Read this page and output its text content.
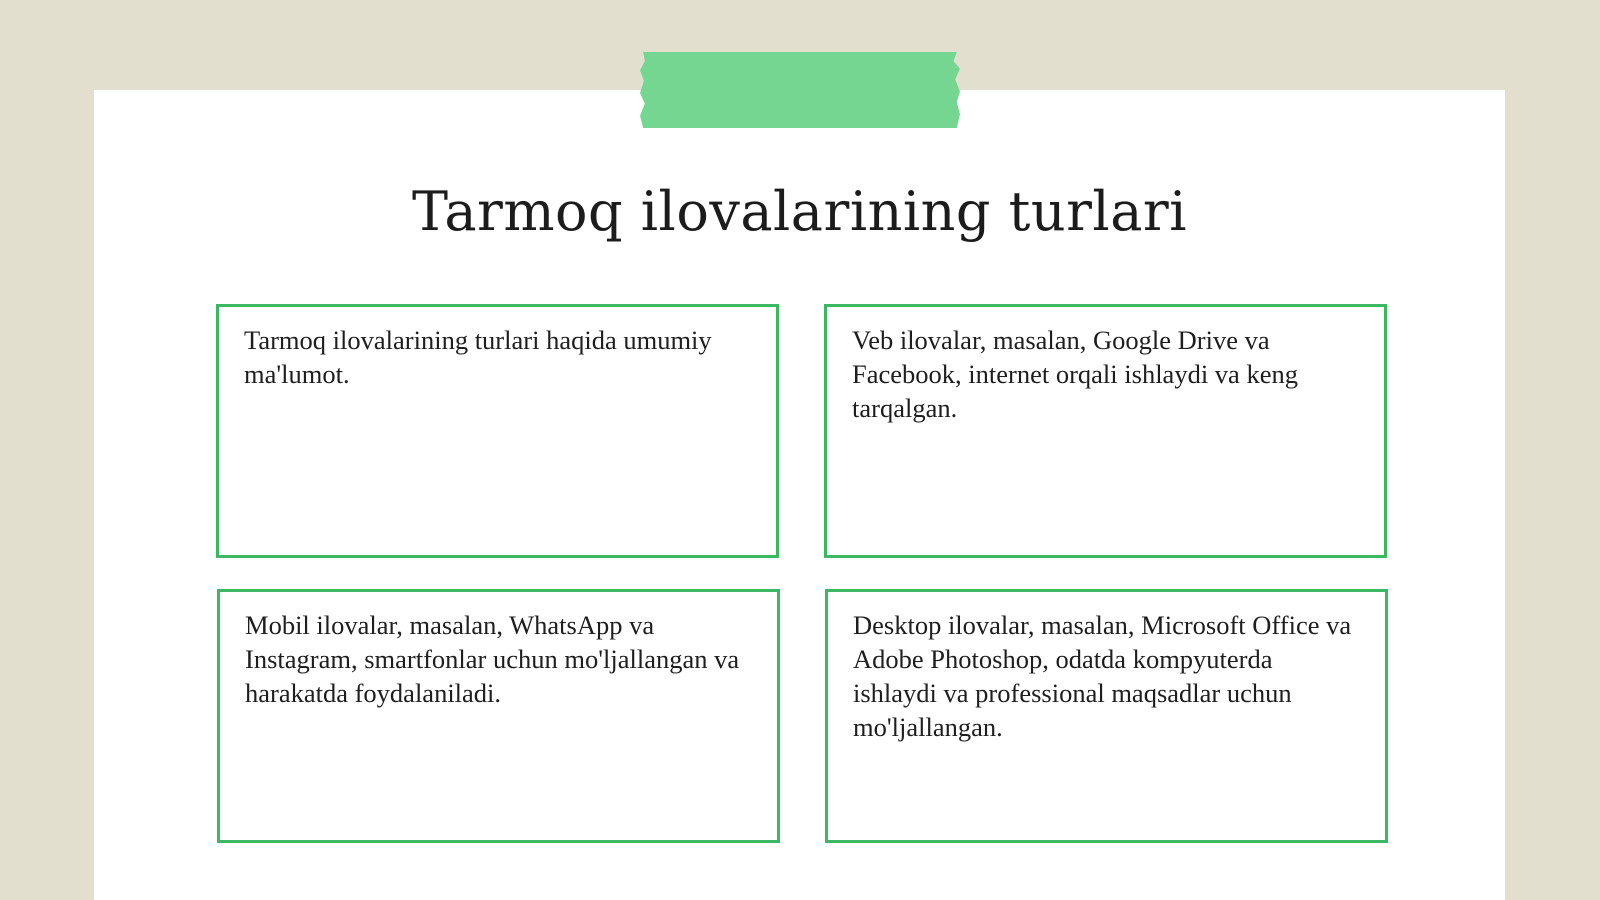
Tarmoq ilovalarining turlari

Tarmoq ilovalarining turlari haqida umumiy ma'lumot.

Veb ilovalar, masalan, Google Drive va Facebook, internet orqali ishlaydi va keng tarqalgan.

Mobil ilovalar, masalan, WhatsApp va Instagram, smartfonlar uchun mo'ljallangan va harakatda foydalaniladi.

Desktop ilovalar, masalan, Microsoft Office va Adobe Photoshop, odatda kompyuterda ishlaydi va professional maqsadlar uchun mo'ljallangan.
